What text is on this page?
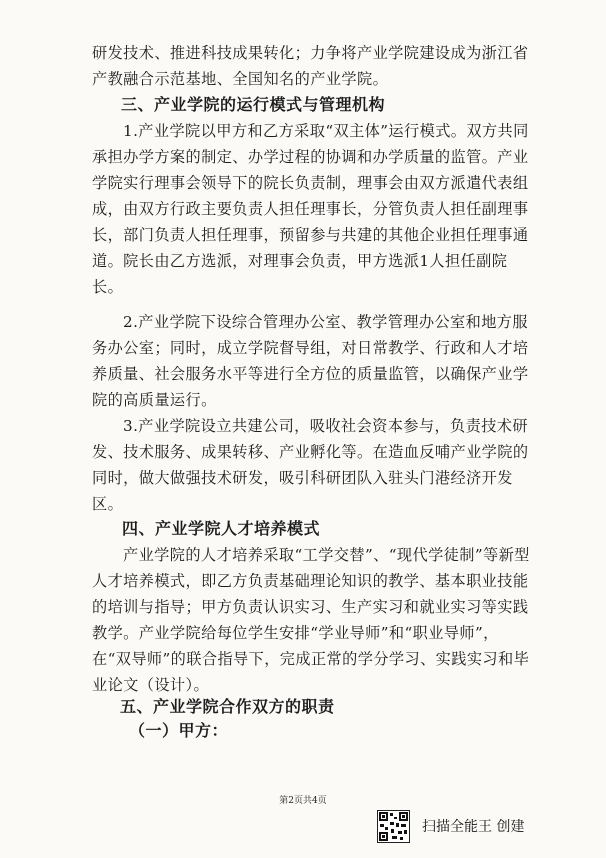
研发技术、推进科技成果转化；力争将产业学院建设成为浙江省产教融合示范基地、全国知名的产业学院。

三、产业学院的运行模式与管理机构

1.产业学院以甲方和乙方采取“双主体”运行模式。双方共同承担办学方案的制定、办学过程的协调和办学质量的监管。产业学院实行理事会领导下的院长负责制，理事会由双方派遣代表组成，由双方行政主要负责人担任理事长，分管负责人担任副理事长，部门负责人担任理事，预留参与共建的其他企业担任理事通道。院长由乙方选派，对理事会负责，甲方选派1人担任副院长。

2.产业学院下设综合管理办公室、教学管理办公室和地方服务办公室；同时，成立学院督导组，对日常教学、行政和人才培养质量、社会服务水平等进行全方位的质量监管，以确保产业学院的高质量运行。

3.产业学院设立共建公司，吸收社会资本参与，负责技术研发、技术服务、成果转移、产业孵化等。在造血反哺产业学院的同时，做大做强技术研发，吸引科研团队入驻头门港经济开发区。

四、产业学院人才培养模式

产业学院的人才培养采取“工学交替”、“现代学徒制”等新型人才培养模式，即乙方负责基础理论知识的教学、基本职业技能的培训与指导；甲方负责认识实习、生产实习和就业实习等实践教学。产业学院给每位学生安排“学业导师”和“职业导师”，在“双导师”的联合指导下，完成正常的学分学习、实践实习和毕业论文（设计）。

五、产业学院合作双方的职责

（一）甲方：

第2页共4页
扫描全能王 创建
